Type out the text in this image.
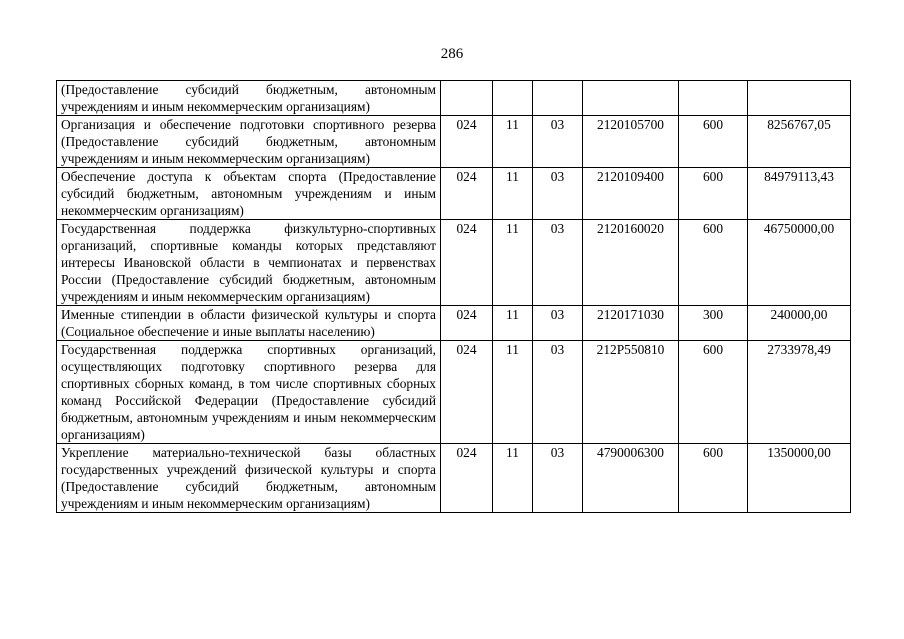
286
(Предоставление субсидий бюджетным, автономным учреждениям и иным некоммерческим организациям)						
Организация и обеспечение подготовки спортивного резерва (Предоставление субсидий бюджетным, автономным учреждениям и иным некоммерческим организациям)	024	11	03	2120105700	600	8256767,05
Обеспечение доступа к объектам спорта (Предоставление субсидий бюджетным, автономным учреждениям и иным некоммерческим организациям)	024	11	03	2120109400	600	84979113,43
Государственная поддержка физкультурно-спортивных организаций, спортивные команды которых представляют интересы Ивановской области в чемпионатах и первенствах России (Предоставление субсидий бюджетным, автономным учреждениям и иным некоммерческим организациям)	024	11	03	2120160020	600	46750000,00
Именные стипендии в области физической культуры и спорта (Социальное обеспечение и иные выплаты населению)	024	11	03	2120171030	300	240000,00
Государственная поддержка спортивных организаций, осуществляющих подготовку спортивного резерва для спортивных сборных команд, в том числе спортивных сборных команд Российской Федерации (Предоставление субсидий бюджетным, автономным учреждениям и иным некоммерческим организациям)	024	11	03	212P550810	600	2733978,49
Укрепление материально-технической базы областных государственных учреждений физической культуры и спорта (Предоставление субсидий бюджетным, автономным учреждениям и иным некоммерческим организациям)	024	11	03	4790006300	600	1350000,00
